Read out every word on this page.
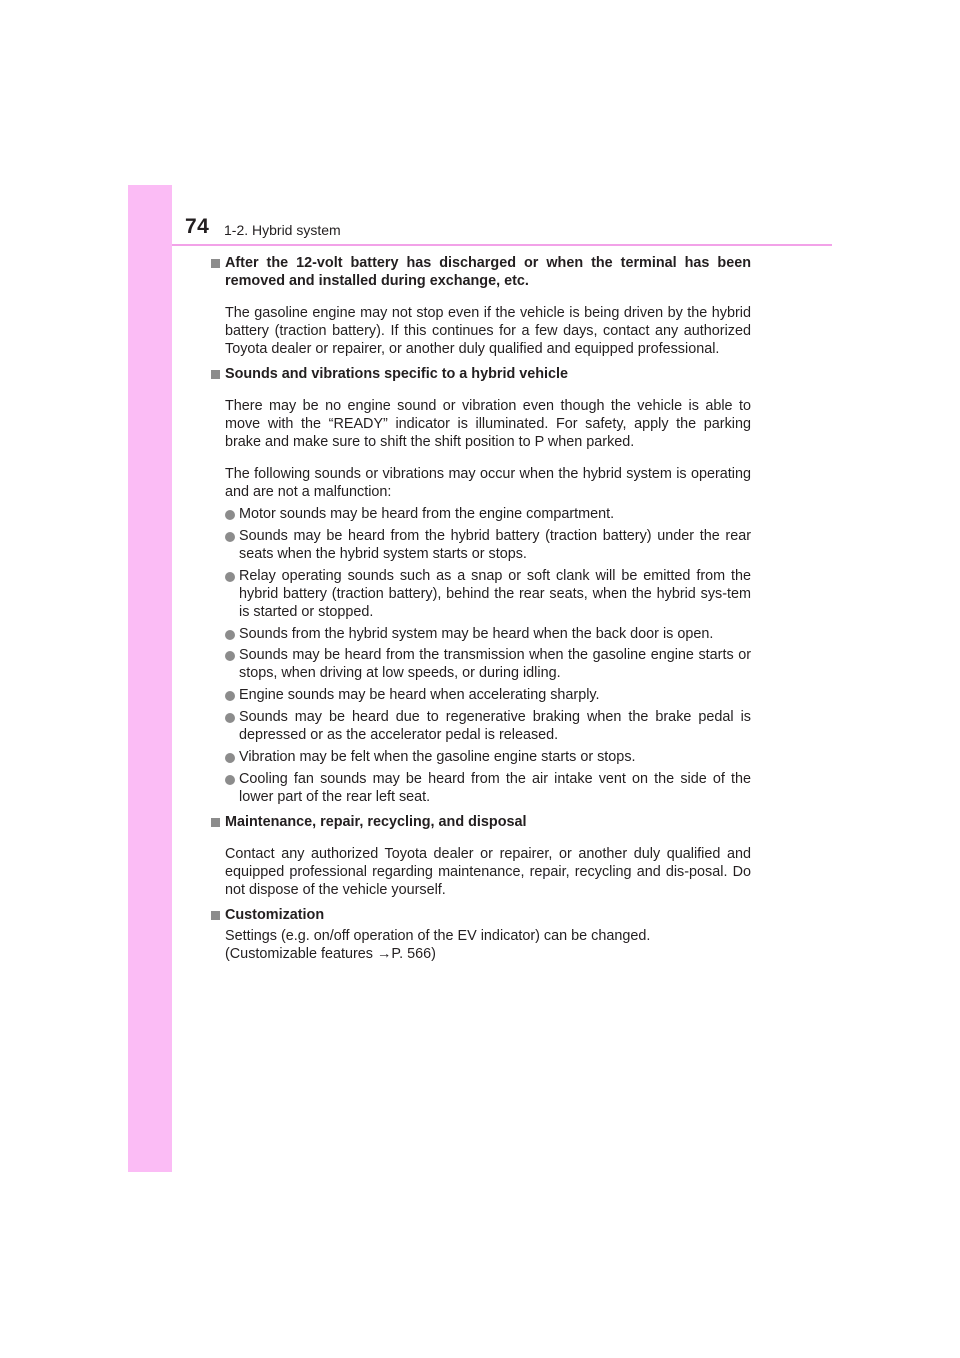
74 1-2. Hybrid system
After the 12-volt battery has discharged or when the terminal has been removed and installed during exchange, etc.

The gasoline engine may not stop even if the vehicle is being driven by the hybrid battery (traction battery). If this continues for a few days, contact any authorized Toyota dealer or repairer, or another duly qualified and equipped professional.

Sounds and vibrations specific to a hybrid vehicle

There may be no engine sound or vibration even though the vehicle is able to move with the “READY” indicator is illuminated. For safety, apply the parking brake and make sure to shift the shift position to P when parked.

The following sounds or vibrations may occur when the hybrid system is operating and are not a malfunction:

Motor sounds may be heard from the engine compartment.
Sounds may be heard from the hybrid battery (traction battery) under the rear seats when the hybrid system starts or stops.
Relay operating sounds such as a snap or soft clank will be emitted from the hybrid battery (traction battery), behind the rear seats, when the hybrid sys-tem is started or stopped.
Sounds from the hybrid system may be heard when the back door is open.
Sounds may be heard from the transmission when the gasoline engine starts or stops, when driving at low speeds, or during idling.
Engine sounds may be heard when accelerating sharply.
Sounds may be heard due to regenerative braking when the brake pedal is depressed or as the accelerator pedal is released.
Vibration may be felt when the gasoline engine starts or stops.
Cooling fan sounds may be heard from the air intake vent on the side of the lower part of the rear left seat.
Maintenance, repair, recycling, and disposal

Contact any authorized Toyota dealer or repairer, or another duly qualified and equipped professional regarding maintenance, repair, recycling and dis-posal. Do not dispose of the vehicle yourself.

Customization
Settings (e.g. on/off operation of the EV indicator) can be changed.
(Customizable features →P. 566)
